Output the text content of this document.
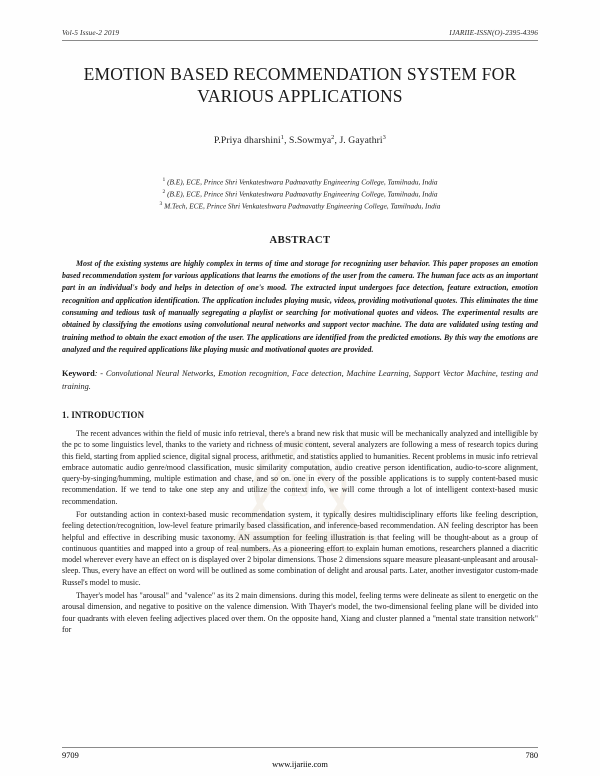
IJ
Vol-5 Issue-2 2019	IJARIIE-ISSN(O)-2395-4396
EMOTION BASED RECOMMENDATION SYSTEM FOR VARIOUS APPLICATIONS
P.Priya dharshini$^1$, S.Sowmya$^2$, J. Gayathri$^3$
$^1$ (B.E), ECE, Prince Shri Venkateshwara Padmavathy Engineering College, Tamilnadu, India
$^2$ (B.E), ECE, Prince Shri Venkateshwara Padmavathy Engineering College, Tamilnadu, India
$^3$ M.Tech, ECE, Prince Shri Venkateshwara Padmavathy Engineering College, Tamilnadu, India
ABSTRACT

Most of the existing systems are highly complex in terms of time and storage for recognizing user behavior. This paper proposes an emotion based recommendation system for various applications that learns the emotions of the user from the camera. The human face acts as an important part in an individual's body and helps in detection of one's mood. The extracted input undergoes face detection, feature extraction, emotion recognition and application identification. The application includes playing music, videos, providing motivational quotes. This eliminates the time consuming and tedious task of manually segregating a playlist or searching for motivational quotes and videos. The experimental results are obtained by classifying the emotions using convolutional neural networks and support vector machine. The data are validated using testing and training method to obtain the exact emotion of the user. The applications are identified from the predicted emotions. By this way the emotions are analyzed and the required applications like playing music and motivational quotes are provided.

Keyword: - Convolutional Neural Networks, Emotion recognition, Face detection, Machine Learning, Support Vector Machine, testing and training.

1. INTRODUCTION

The recent advances within the field of music info retrieval, there's a brand new risk that music will be mechanically analyzed and intelligible by the pc to some linguistics level, thanks to the variety and richness of music content, several analyzers are following a mess of research topics during this field, starting from applied science, digital signal process, arithmetic, and statistics applied to humanities. Recent problems in music info retrieval embrace automatic audio genre/mood classification, music similarity computation, audio creative person identification, audio-to-score alignment, query-by-singing/humming, multiple estimation and chase, and so on. one in every of the possible applications is to supply content-based music recommendation. If we tend to take one step any and utilize the context info, we will come through a lot of intelligent context-based music recommendation.

For outstanding action in context-based music recommendation system, it typically desires multidisciplinary efforts like feeling description, feeling detection/recognition, low-level feature primarily based classification, and inference-based recommendation. AN feeling descriptor has been helpful and effective in describing music taxonomy. AN assumption for feeling illustration is that feeling will be thought-about as a group of continuous quantities and mapped into a group of real numbers. As a pioneering effort to explain human emotions, researchers planned a diacritic model wherever every have an effect on is displayed over 2 bipolar dimensions. Those 2 dimensions square measure pleasant-unpleasant and arousal-sleep. Thus, every have an effect on word will be outlined as some combination of delight and arousal parts. Later, another investigator custom-made Russel's model to music.

Thayer's model has "arousal" and "valence" as its 2 main dimensions. during this model, feeling terms were delineate as silent to energetic on the arousal dimension, and negative to positive on the valence dimension. With Thayer's model, the two-dimensional feeling plane will be divided into four quadrants with eleven feeling adjectives placed over them. On the opposite hand, Xiang and cluster planned a "mental state transition network" for

9709	780
www.ijariie.com
